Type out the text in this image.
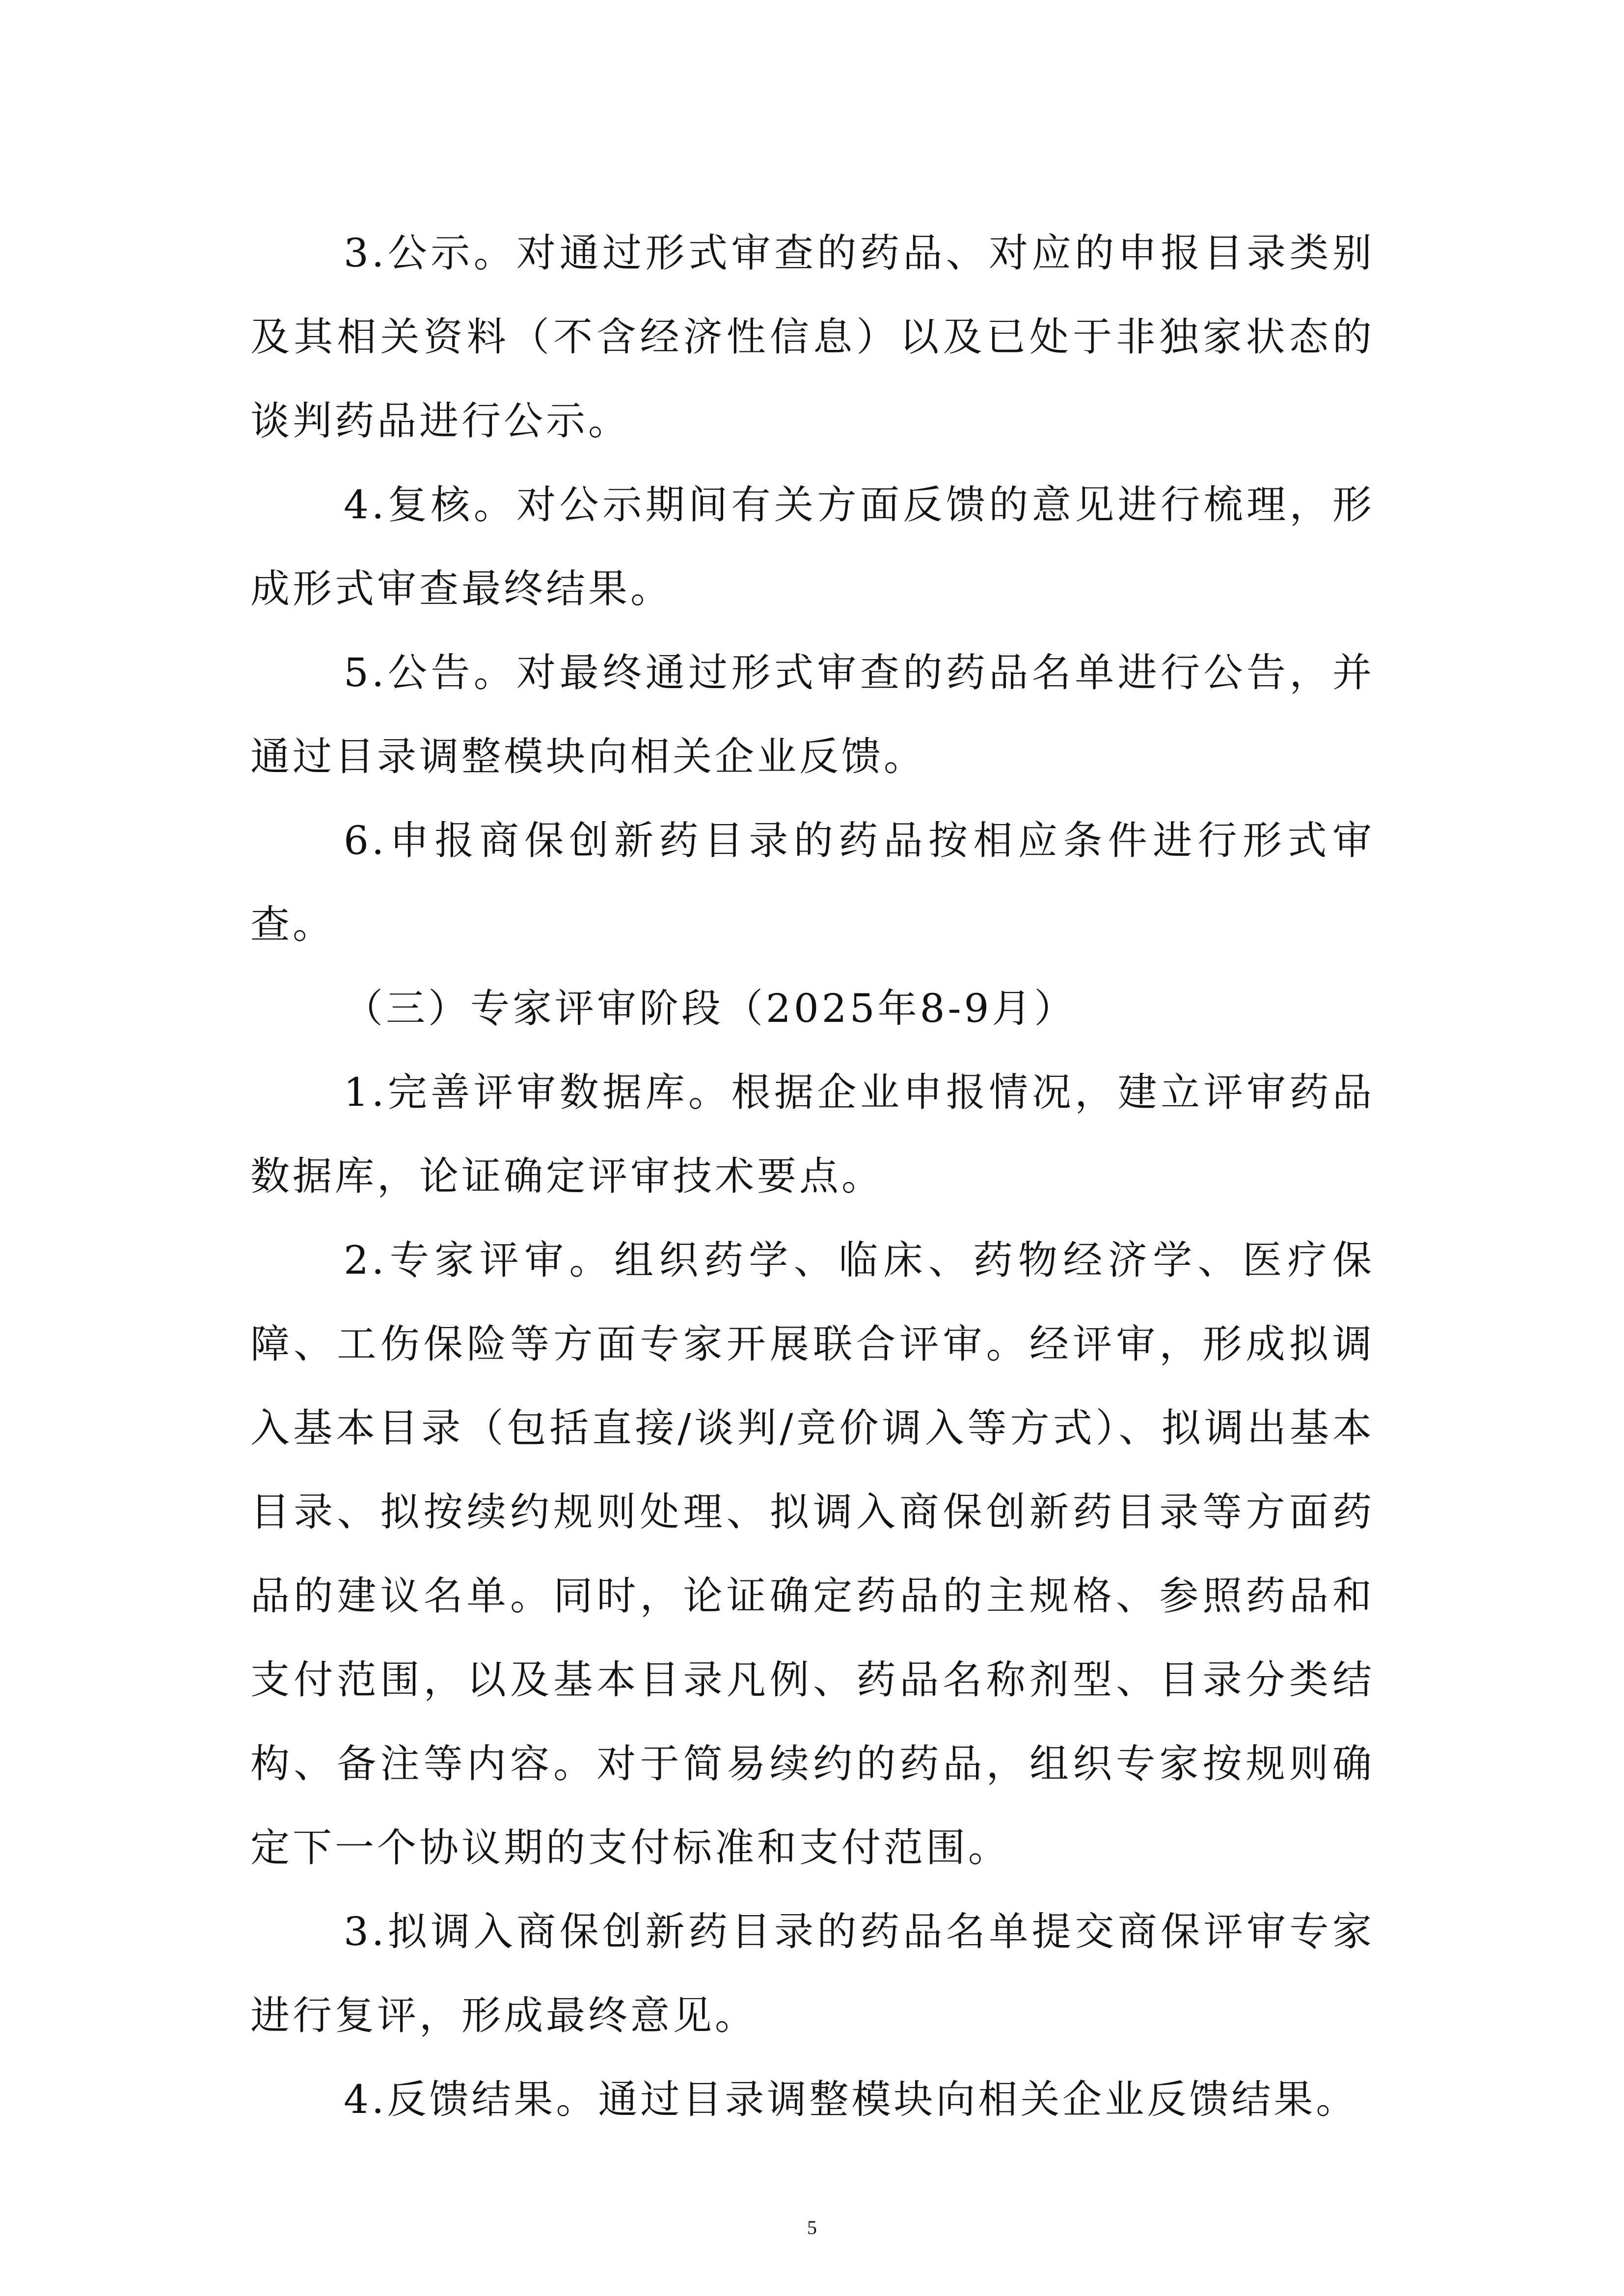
3.公示。对通过形式审查的药品、对应的申报目录类别及其相关资料（不含经济性信息）以及已处于非独家状态的谈判药品进行公示。

4.复核。对公示期间有关方面反馈的意见进行梳理，形成形式审查最终结果。

5.公告。对最终通过形式审查的药品名单进行公告，并通过目录调整模块向相关企业反馈。

6.申报商保创新药目录的药品按相应条件进行形式审查。

（三）专家评审阶段（2025年8-9月）

1.完善评审数据库。根据企业申报情况，建立评审药品数据库，论证确定评审技术要点。

2.专家评审。组织药学、临床、药物经济学、医疗保障、工伤保险等方面专家开展联合评审。经评审，形成拟调入基本目录（包括直接/谈判/竞价调入等方式）、拟调出基本目录、拟按续约规则处理、拟调入商保创新药目录等方面药品的建议名单。同时，论证确定药品的主规格、参照药品和支付范围，以及基本目录凡例、药品名称剂型、目录分类结构、备注等内容。对于简易续约的药品，组织专家按规则确定下一个协议期的支付标准和支付范围。

3.拟调入商保创新药目录的药品名单提交商保评审专家进行复评，形成最终意见。

4.反馈结果。通过目录调整模块向相关企业反馈结果。

5
